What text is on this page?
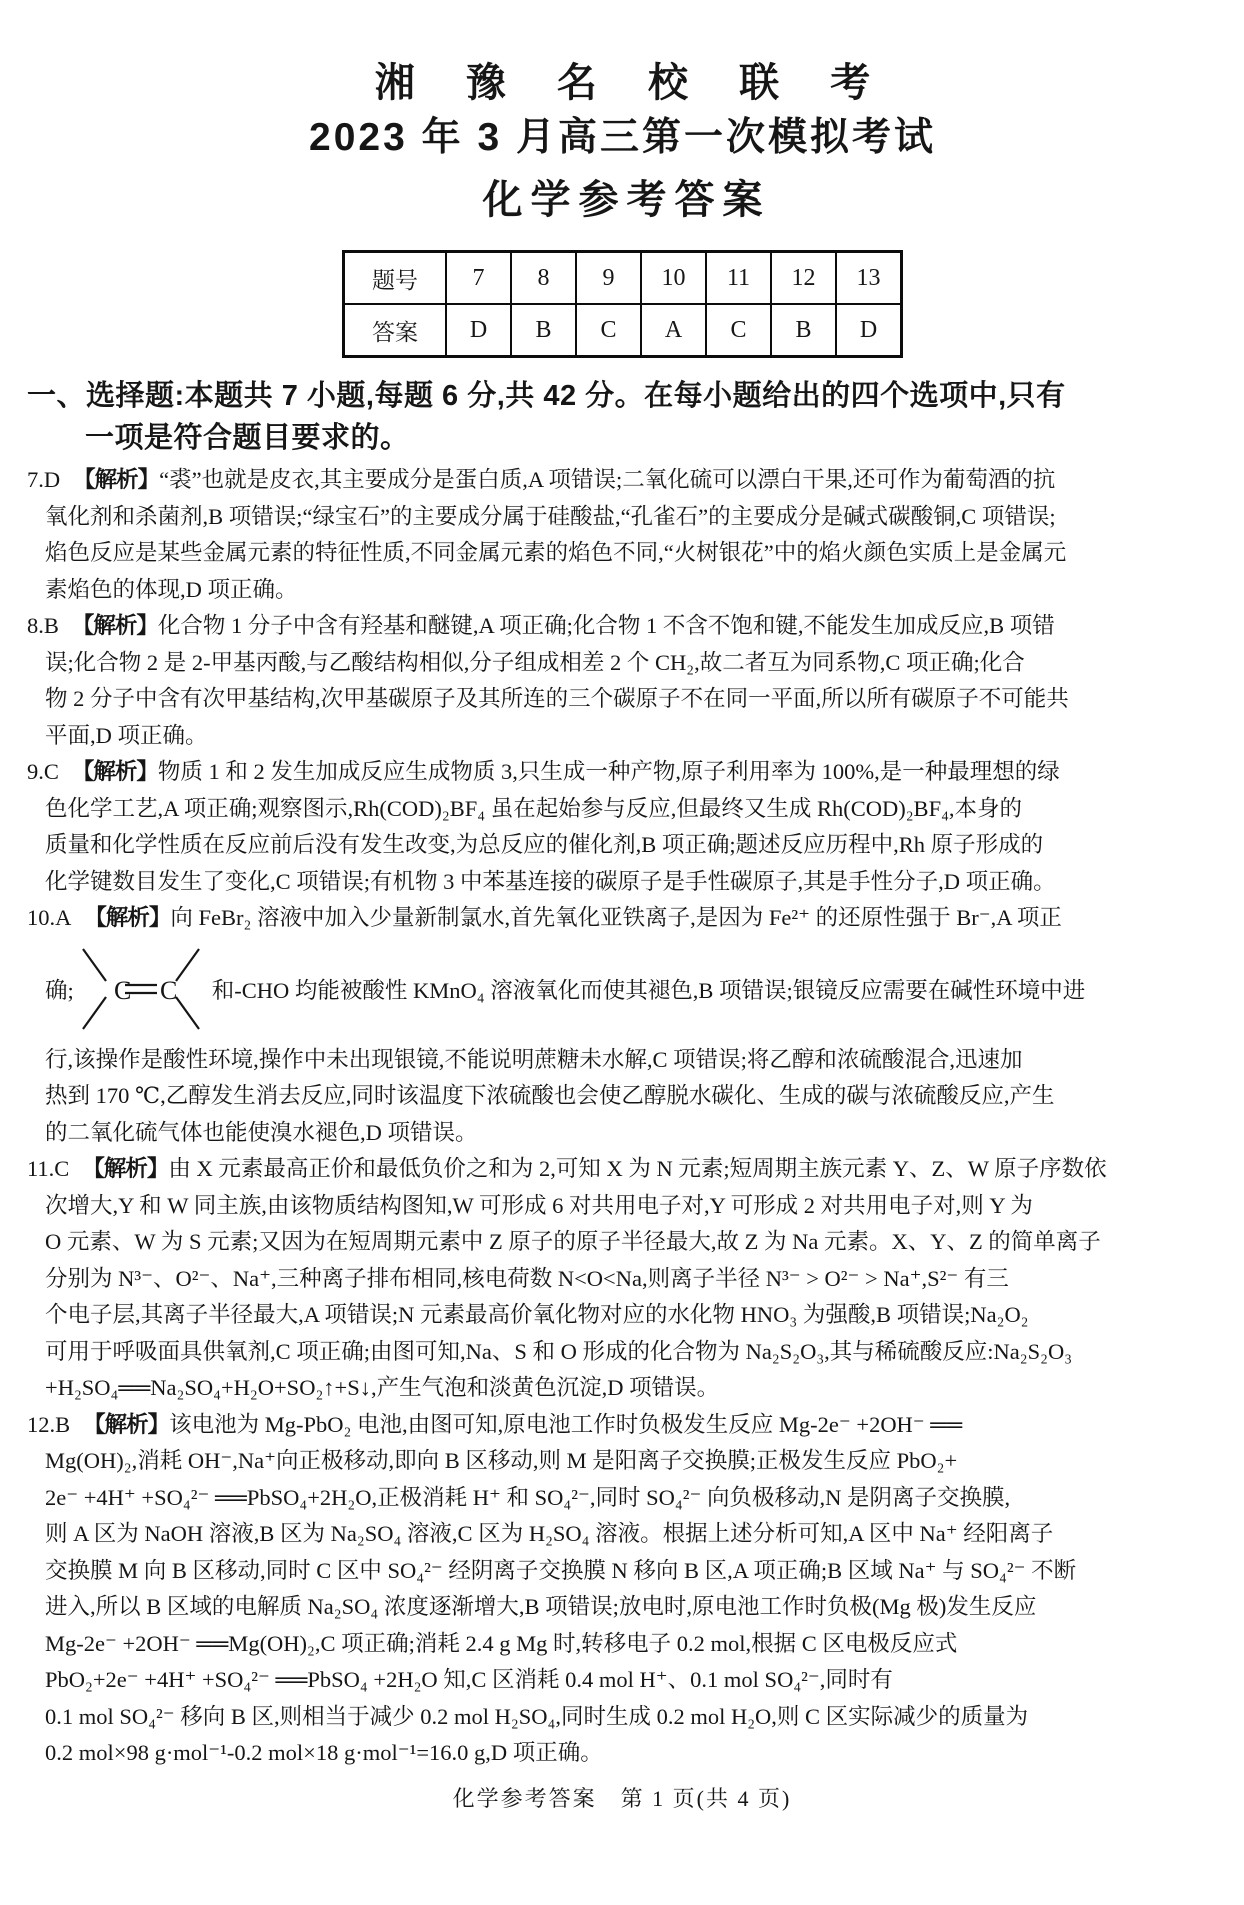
湘 豫 名 校 联 考
2023 年 3 月高三第一次模拟考试
化学参考答案
题号	7	8	9	10	11	12	13
答案	D	B	C	A	C	B	D
一、选择题:本题共 7 小题,每题 6 分,共 42 分。在每小题给出的四个选项中,只有
一项是符合题目要求的。
7.D 【解析】“裘”也就是皮衣,其主要成分是蛋白质,A 项错误;二氧化硫可以漂白干果,还可作为葡萄酒的抗
氧化剂和杀菌剂,B 项错误;“绿宝石”的主要成分属于硅酸盐,“孔雀石”的主要成分是碱式碳酸铜,C 项错误;
焰色反应是某些金属元素的特征性质,不同金属元素的焰色不同,“火树银花”中的焰火颜色实质上是金属元
素焰色的体现,D 项正确。
8.B 【解析】化合物 1 分子中含有羟基和醚键,A 项正确;化合物 1 不含不饱和键,不能发生加成反应,B 项错
误;化合物 2 是 2-甲基丙酸,与乙酸结构相似,分子组成相差 2 个 CH₂,故二者互为同系物,C 项正确;化合
物 2 分子中含有次甲基结构,次甲基碳原子及其所连的三个碳原子不在同一平面,所以所有碳原子不可能共
平面,D 项正确。
9.C 【解析】物质 1 和 2 发生加成反应生成物质 3,只生成一种产物,原子利用率为 100%,是一种最理想的绿
色化学工艺,A 项正确;观察图示,Rh(COD)₂BF₄ 虽在起始参与反应,但最终又生成 Rh(COD)₂BF₄,本身的
质量和化学性质在反应前后没有发生改变,为总反应的催化剂,B 项正确;题述反应历程中,Rh 原子形成的
化学键数目发生了变化,C 项错误;有机物 3 中苯基连接的碳原子是手性碳原子,其是手性分子,D 项正确。
10.A 【解析】向 FeBr₂ 溶液中加入少量新制氯水,首先氧化亚铁离子,是因为 Fe²⁺ 的还原性强于 Br⁻,A 项正
确; C C 和-CHO 均能被酸性 KMnO₄ 溶液氧化而使其褪色,B 项错误;银镜反应需要在碱性环境中进
行,该操作是酸性环境,操作中未出现银镜,不能说明蔗糖未水解,C 项错误;将乙醇和浓硫酸混合,迅速加
热到 170 ℃,乙醇发生消去反应,同时该温度下浓硫酸也会使乙醇脱水碳化、生成的碳与浓硫酸反应,产生
的二氧化硫气体也能使溴水褪色,D 项错误。
11.C 【解析】由 X 元素最高正价和最低负价之和为 2,可知 X 为 N 元素;短周期主族元素 Y、Z、W 原子序数依
次增大,Y 和 W 同主族,由该物质结构图知,W 可形成 6 对共用电子对,Y 可形成 2 对共用电子对,则 Y 为
O 元素、W 为 S 元素;又因为在短周期元素中 Z 原子的原子半径最大,故 Z 为 Na 元素。X、Y、Z 的简单离子
分别为 N³⁻、O²⁻、Na⁺,三种离子排布相同,核电荷数 N<O<Na,则离子半径 N³⁻ > O²⁻ > Na⁺,S²⁻ 有三
个电子层,其离子半径最大,A 项错误;N 元素最高价氧化物对应的水化物 HNO₃ 为强酸,B 项错误;Na₂O₂
可用于呼吸面具供氧剂,C 项正确;由图可知,Na、S 和 O 形成的化合物为 Na₂S₂O₃,其与稀硫酸反应:Na₂S₂O₃
+H₂SO₄══Na₂SO₄+H₂O+SO₂↑+S↓,产生气泡和淡黄色沉淀,D 项错误。
12.B 【解析】该电池为 Mg-PbO₂ 电池,由图可知,原电池工作时负极发生反应 Mg-2e⁻ +2OH⁻ ══
Mg(OH)₂,消耗 OH⁻,Na⁺向正极移动,即向 B 区移动,则 M 是阳离子交换膜;正极发生反应 PbO₂+
2e⁻ +4H⁺ +SO₄²⁻ ══PbSO₄+2H₂O,正极消耗 H⁺ 和 SO₄²⁻,同时 SO₄²⁻ 向负极移动,N 是阴离子交换膜,
则 A 区为 NaOH 溶液,B 区为 Na₂SO₄ 溶液,C 区为 H₂SO₄ 溶液。根据上述分析可知,A 区中 Na⁺ 经阳离子
交换膜 M 向 B 区移动,同时 C 区中 SO₄²⁻ 经阴离子交换膜 N 移向 B 区,A 项正确;B 区域 Na⁺ 与 SO₄²⁻ 不断
进入,所以 B 区域的电解质 Na₂SO₄ 浓度逐渐增大,B 项错误;放电时,原电池工作时负极(Mg 极)发生反应
Mg-2e⁻ +2OH⁻ ══Mg(OH)₂,C 项正确;消耗 2.4 g Mg 时,转移电子 0.2 mol,根据 C 区电极反应式
PbO₂+2e⁻ +4H⁺ +SO₄²⁻ ══PbSO₄ +2H₂O 知,C 区消耗 0.4 mol H⁺、0.1 mol SO₄²⁻,同时有
0.1 mol SO₄²⁻ 移向 B 区,则相当于减少 0.2 mol H₂SO₄,同时生成 0.2 mol H₂O,则 C 区实际减少的质量为
0.2 mol×98 g·mol⁻¹-0.2 mol×18 g·mol⁻¹=16.0 g,D 项正确。
化学参考答案　第 1 页(共 4 页)
